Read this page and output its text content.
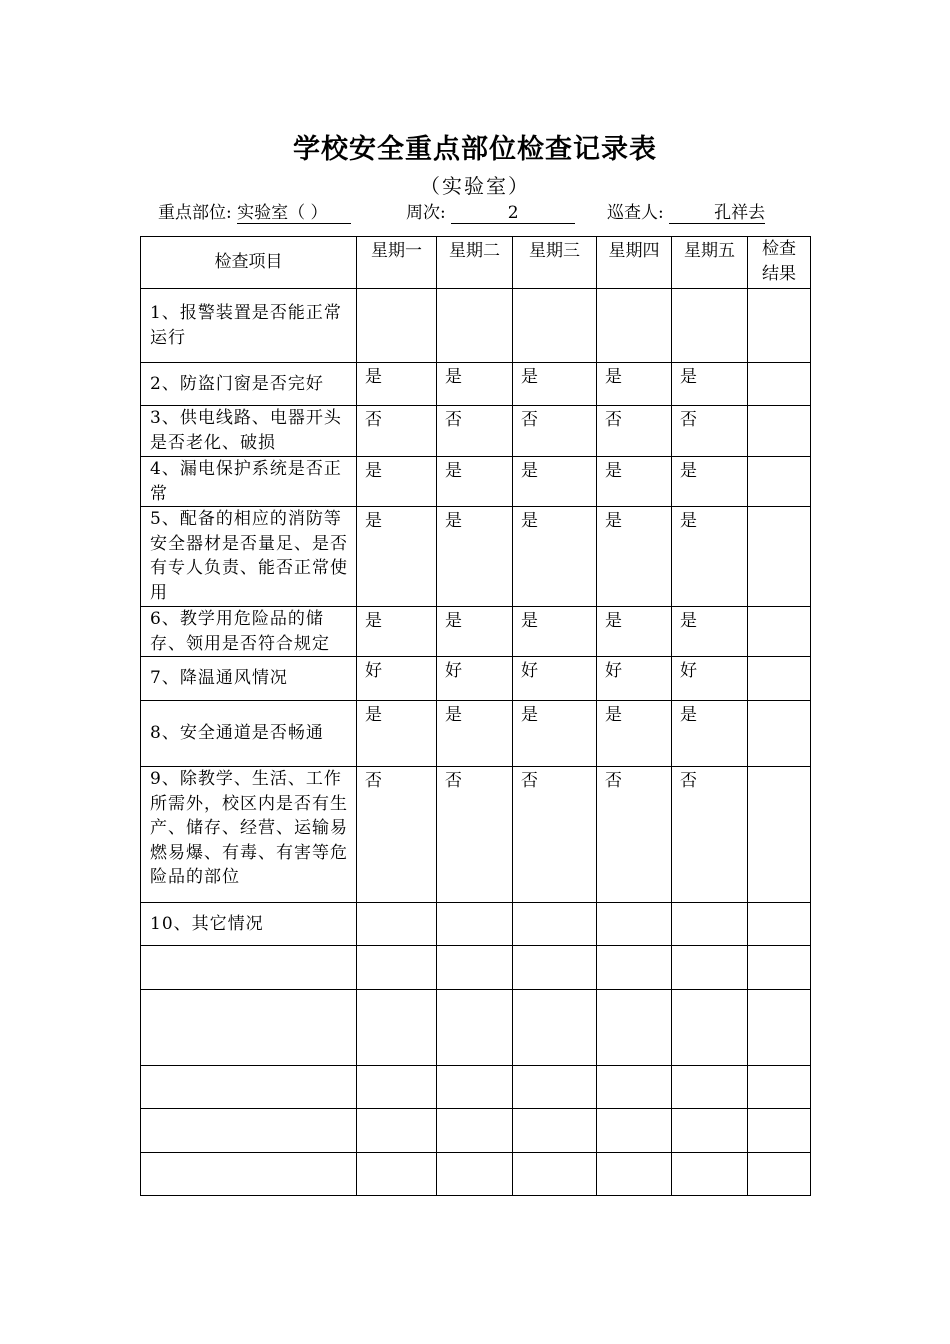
学校安全重点部位检查记录表
（实验室）
重点部位: 实验室（ ）	周次:	2	巡查人:	孔祥去
检查项目	星期一	星期二	星期三	星期四	星期五	检查结果
1、报警装置是否能正常运行						
2、防盗门窗是否完好	是	是	是	是	是	
3、供电线路、电器开头是否老化、破损	否	否	否	否	否	
4、漏电保护系统是否正常	是	是	是	是	是	
5、配备的相应的消防等安全器材是否量足、是否有专人负责、能否正常使用	是	是	是	是	是	
6、教学用危险品的储存、领用是否符合规定	是	是	是	是	是	
7、降温通风情况	好	好	好	好	好	
8、安全通道是否畅通	是	是	是	是	是	
9、除教学、生活、工作所需外，校区内是否有生产、储存、经营、运输易燃易爆、有毒、有害等危险品的部位	否	否	否	否	否	
10、其它情况						
